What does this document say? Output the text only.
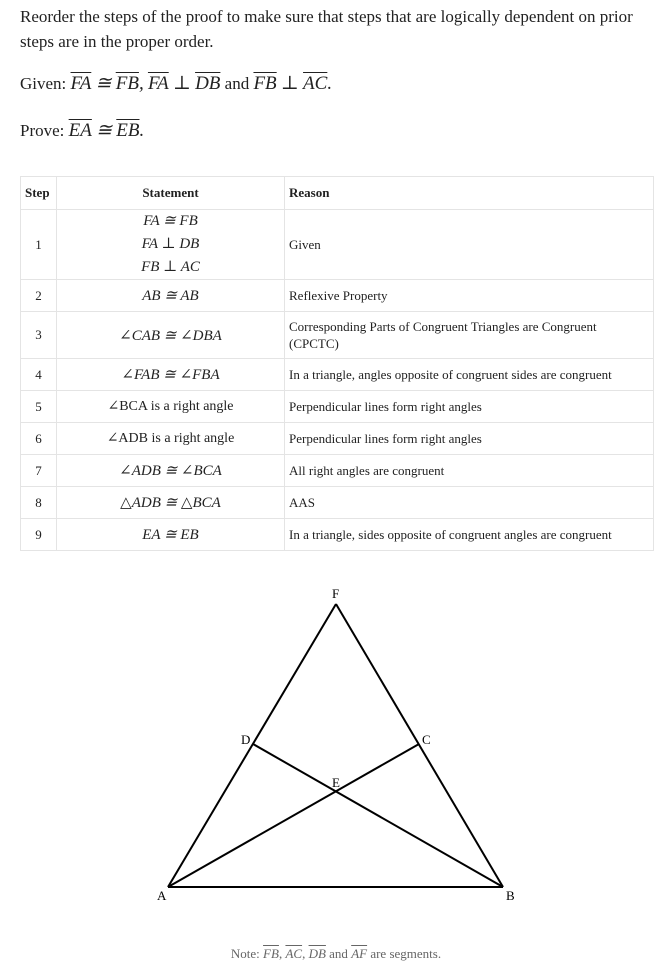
Reorder the steps of the proof to make sure that steps that are logically dependent on prior steps are in the proper order.
Given: $\overline{FA}$ ≅ $\overline{FB}$, $\overline{FA}$ ⊥ $\overline{DB}$ and $\overline{FB}$ ⊥ $\overline{AC}$.
Prove: $\overline{EA}$ ≅ $\overline{EB}$.
Step	Statement	Reason
1	FA ≅ FB
FA ⊥ DB
FB ⊥ AC	Given
2	AB ≅ AB	Reflexive Property
3	∠CAB ≅ ∠DBA	Corresponding Parts of Congruent Triangles are Congruent (CPCTC)
4	∠FAB ≅ ∠FBA	In a triangle, angles opposite of congruent sides are congruent
5	∠BCA is a right angle	Perpendicular lines form right angles
6	∠ADB is a right angle	Perpendicular lines form right angles
7	∠ADB ≅ ∠BCA	All right angles are congruent
8	△ADB ≅ △BCA	AAS
9	EA ≅ EB	In a triangle, sides opposite of congruent angles are congruent
F
D	C
E
A	B
Note: $\overline{FB}$, $\overline{AC}$, $\overline{DB}$ and $\overline{AF}$ are segments.
